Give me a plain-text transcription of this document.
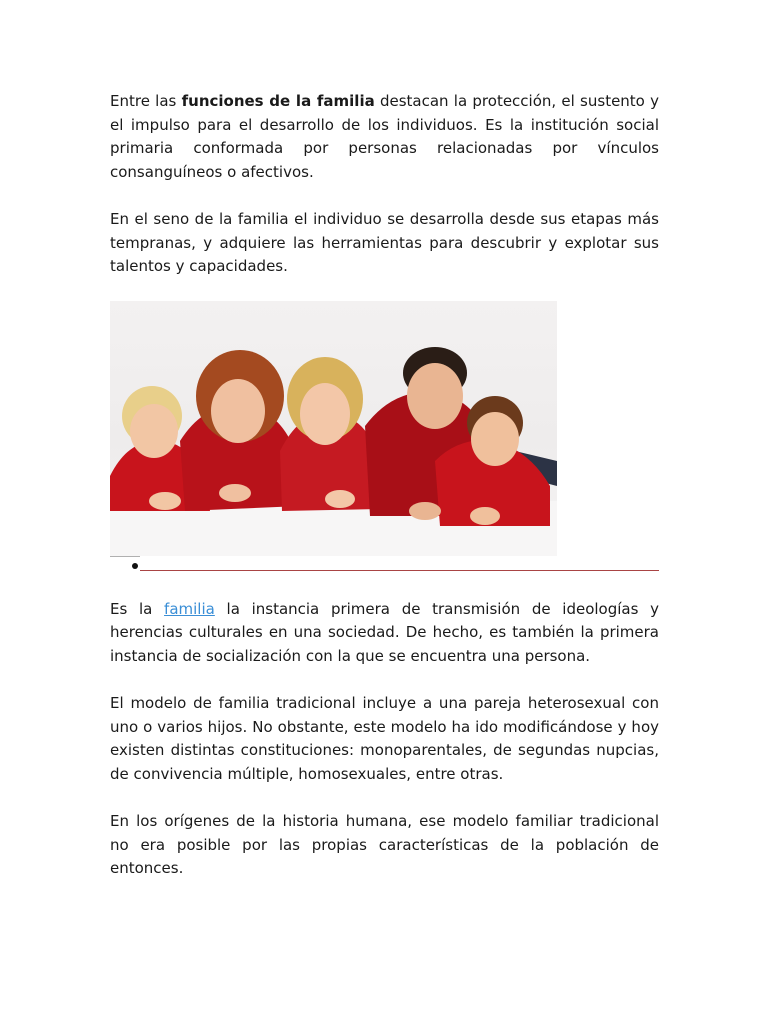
Entre las funciones de la familia destacan la protección, el sustento y el impulso para el desarrollo de los individuos. Es la institución social primaria conformada por personas relacionadas por vínculos consanguíneos o afectivos.

En el seno de la familia el individuo se desarrolla desde sus etapas más tempranas, y adquiere las herramientas para descubrir y explotar sus talentos y capacidades.

Es la familia la instancia primera de transmisión de ideologías y herencias culturales en una sociedad. De hecho, es también la primera instancia de socialización con la que se encuentra una persona.

El modelo de familia tradicional incluye a una pareja heterosexual con uno o varios hijos. No obstante, este modelo ha ido modificándose y hoy existen distintas constituciones: monoparentales, de segundas nupcias, de convivencia múltiple, homosexuales, entre otras.

En los orígenes de la historia humana, ese modelo familiar tradicional no era posible por las propias características de la población de entonces.
